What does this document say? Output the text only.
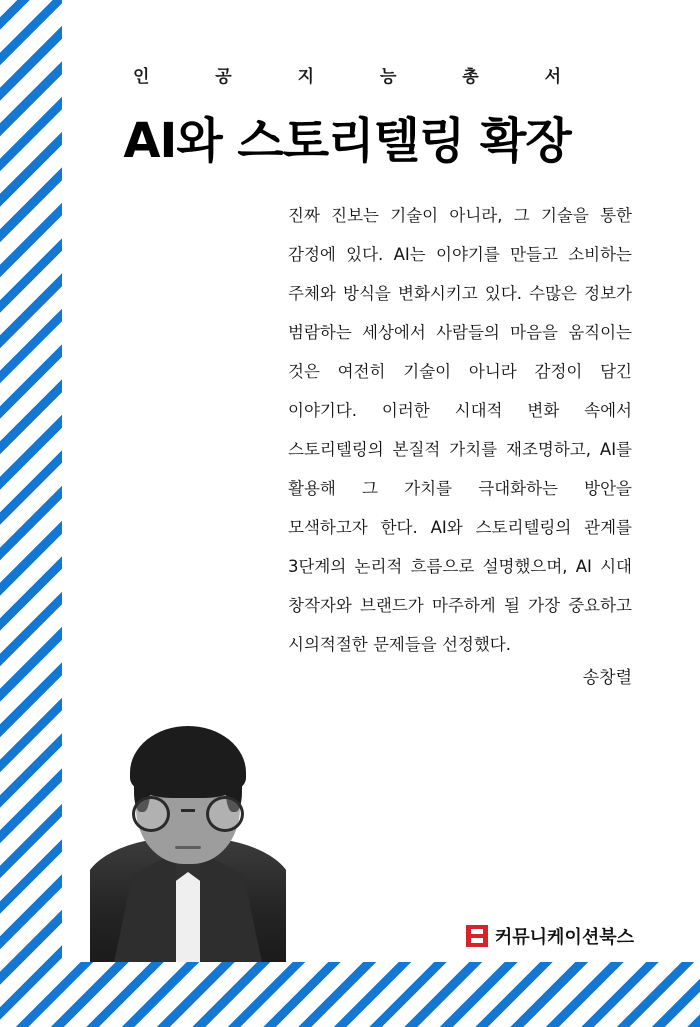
인 공 지 능 총 서
AI와 스토리텔링 확장
진짜 진보는 기술이 아니라, 그 기술을 통한 감정에 있다. AI는 이야기를 만들고 소비하는 주체와 방식을 변화시키고 있다. 수많은 정보가 범람하는 세상에서 사람들의 마음을 움직이는 것은 여전히 기술이 아니라 감정이 담긴 이야기다. 이러한 시대적 변화 속에서 스토리텔링의 본질적 가치를 재조명하고, AI를 활용해 그 가치를 극대화하는 방안을 모색하고자 한다. AI와 스토리텔링의 관계를 3단계의 논리적 흐름으로 설명했으며, AI 시대 창작자와 브랜드가 마주하게 될 가장 중요하고 시의적절한 문제들을 선정했다.
송창렬
커뮤니케이션북스
